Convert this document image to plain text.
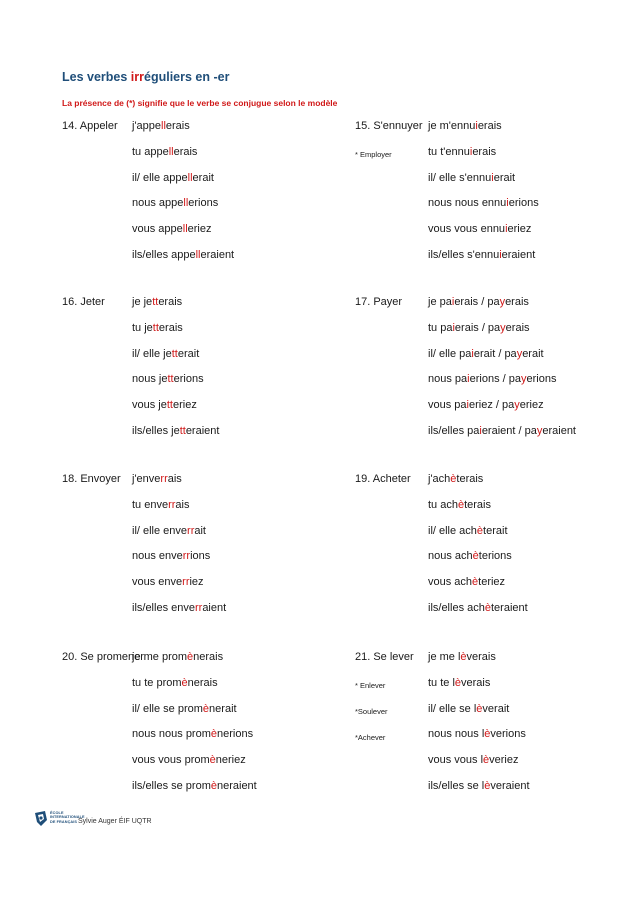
Les verbes irréguliers en -er
La présence de (*) signifie que le verbe se conjugue selon le modèle
14. Appeler j'appellerais
tu appellerais
il/ elle appellerait
nous appellerions
vous appelleriez
ils/elles appelleraient
15. S'ennuyer
* Employer
je m'ennuierais
tu t'ennuierais
il/ elle s'ennuierait
nous nous ennuierions
vous vous ennuieriez
ils/elles s'ennuieraient
16. Jeter je jetterais
tu jetterais
il/ elle jetterait
nous jetterions
vous jetteriez
ils/elles jetteraient
17. Payer je paierais / payerais
tu paierais / payerais
il/ elle paierait / payerait
nous paierions / payerions
vous paieriez / payeriez
ils/elles paieraient / payeraient
18. Envoyer j'enverrais
tu enverrais
il/ elle enverrait
nous enverrions
vous enverriez
ils/elles enverraient
19. Acheter j'achèterais
tu achèterais
il/ elle achèterait
nous achèterions
vous achèteriez
ils/elles achèteraient
20. Se promener
je me promènerais
tu te promènerais
il/ elle se promènerait
nous nous promènerions
vous vous promèneriez
ils/elles se promèneraient
21. Se lever
* Enlever
*Soulever
*Achever
je me lèverais
tu te lèverais
il/ elle se lèverait
nous nous lèverions
vous vous lèveriez
ils/elles se lèveraient
ÉCOLE
INTERNATIONALE
DE FRANÇAIS Sylvie Auger ÉIF UQTR
